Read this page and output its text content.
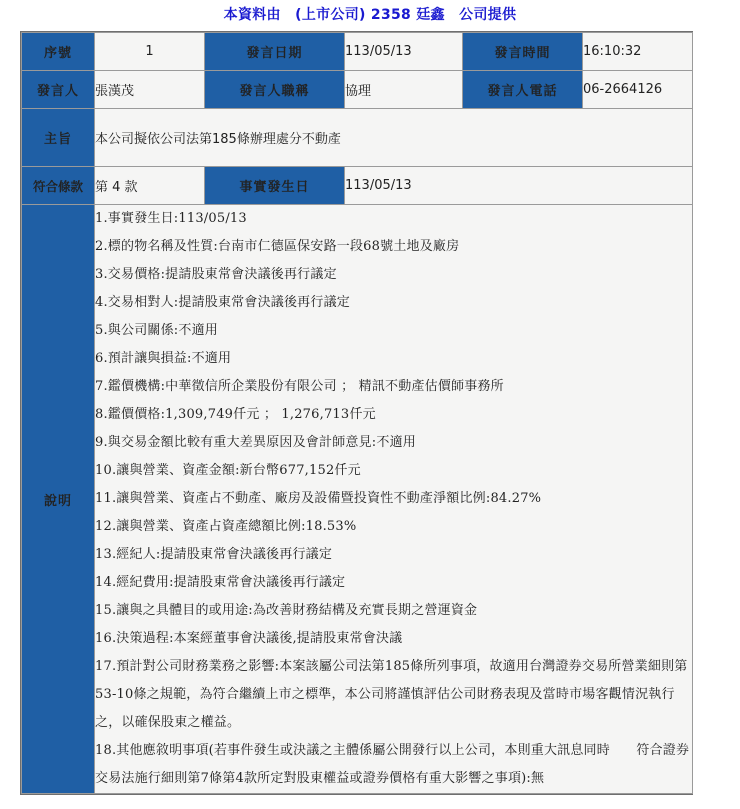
本資料由　(上市公司) 2358 廷鑫　公司提供
序號	1	發言日期	113/05/13	發言時間	16:10:32
發言人	張漢茂	發言人職稱	協理	發言人電話	06-2664126
主旨	本公司擬依公司法第185條辦理處分不動產				
符合條款	第 4 款	事實發生日	113/05/13		
說明	
1.事實發生日:113/05/13
2.標的物名稱及性質:台南市仁德區保安路一段68號土地及廠房
3.交易價格:提請股東常會決議後再行議定
4.交易相對人:提請股東常會決議後再行議定
5.與公司關係:不適用
6.預計讓與損益:不適用
7.鑑價機構:中華徵信所企業股份有限公司 ； 精訊不動產估價師事務所
8.鑑價價格:1,309,749仟元 ； 1,276,713仟元
9.與交易金額比較有重大差異原因及會計師意見:不適用
10.讓與營業、資產金額:新台幣677,152仟元
11.讓與營業、資產占不動產、廠房及設備暨投資性不動產淨額比例:84.27%
12.讓與營業、資產占資產總額比例:18.53%
13.經紀人:提請股東常會決議後再行議定
14.經紀費用:提請股東常會決議後再行議定
15.讓與之具體目的或用途:為改善財務結構及充實長期之營運資金
16.決策過程:本案經董事會決議後,提請股東常會決議
17.預計對公司財務業務之影響:本案該屬公司法第185條所列事項，故適用台灣證券交易所營業細則第53-10條之規範，為符合繼續上市之標準，本公司將謹慎評估公司財務表現及當時市場客觀情況執行之，以確保股東之權益。
18.其他應敘明事項(若事件發生或決議之主體係屬公開發行以上公司，本則重大訊息同時　　符合證券交易法施行細則第7條第4款所定對股東權益或證券價格有重大影響之事項):無
